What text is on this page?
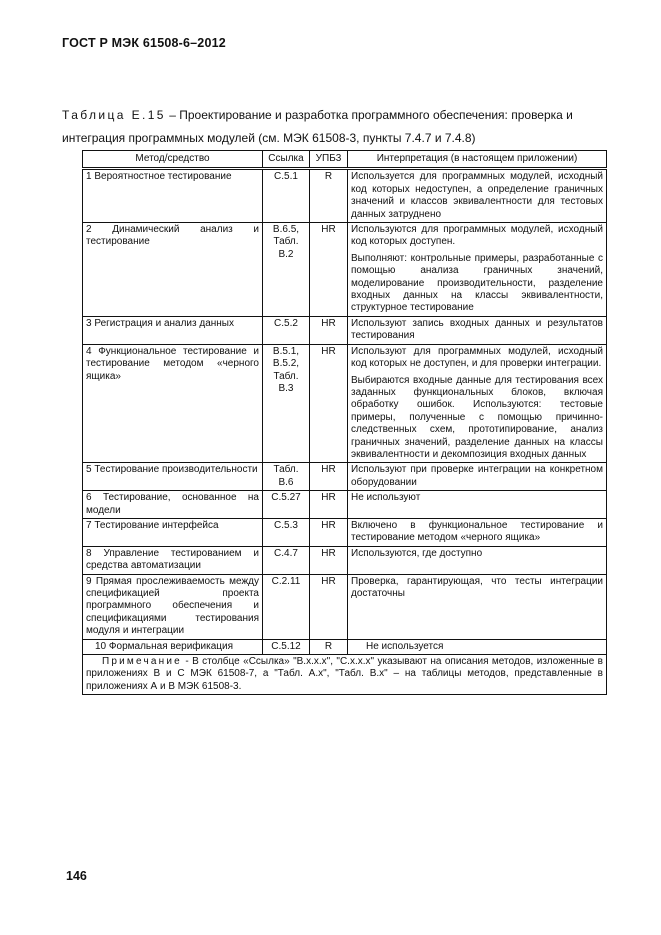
ГОСТ Р МЭК 61508-6–2012
Таблица Е.15 – Проектирование и разработка программного обеспечения: проверка и интеграция программных модулей (см. МЭК 61508-3, пункты 7.4.7 и 7.4.8)
Метод/средство	Ссылка	УПБ3	Интерпретация (в настоящем приложении)
1 Вероятностное тестирование	С.5.1	R	Используется для программных модулей, исходный код которых недоступен, а определение граничных значений и классов эквивалентности для тестовых данных затруднено

2 Динамический анализ и тестирование	В.6.5, Табл. В.2	HR	Используются для программных модулей, исходный код которых доступен.
Выполняют: контрольные примеры, разработанные с помощью анализа граничных значений, моделирование производительности, разделение входных данных на классы эквивалентности, структурное тестирование

3 Регистрация и анализ данных	С.5.2	HR	Используют запись входных данных и результатов тестирования

4 Функциональное тестирование и тестирование методом «черного ящика»	В.5.1, В.5.2, Табл. В.3	HR	Используют для программных модулей, исходный код которых не доступен, и для проверки интеграции.
Выбираются входные данные для тестирования всех заданных функциональных блоков, включая обработку ошибок. Используются: тестовые примеры, полученные с помощью причинно-следственных схем, прототипирование, анализ граничных значений, разделение данных на классы эквивалентности и декомпозиция входных данных

5 Тестирование производительности	Табл. В.6	HR	Используют при проверке интеграции на конкретном оборудовании

6 Тестирование, основанное на модели	С.5.27	HR	Не используют

7 Тестирование интерфейса	С.5.3	HR	Включено в функциональное тестирование и тестирование методом «черного ящика»

8 Управление тестированием и средства автоматизации	С.4.7	HR	Используются, где доступно

9 Прямая прослеживаемость между спецификацией проекта программного обеспечения и спецификациями тестирования модуля и интеграции	С.2.11	HR	Проверка, гарантирующая, что тесты интеграции достаточны

10 Формальная верификация	С.5.12	R	Не используется

Примечание - В столбце «Ссылка» "В.х.х.х", "С.х.х.х" указывают на описания методов, изложенные в приложениях В и С МЭК 61508-7, а "Табл. А.х", "Табл. В.х" – на таблицы методов, представленные в приложениях А и В МЭК 61508-3.			
146
